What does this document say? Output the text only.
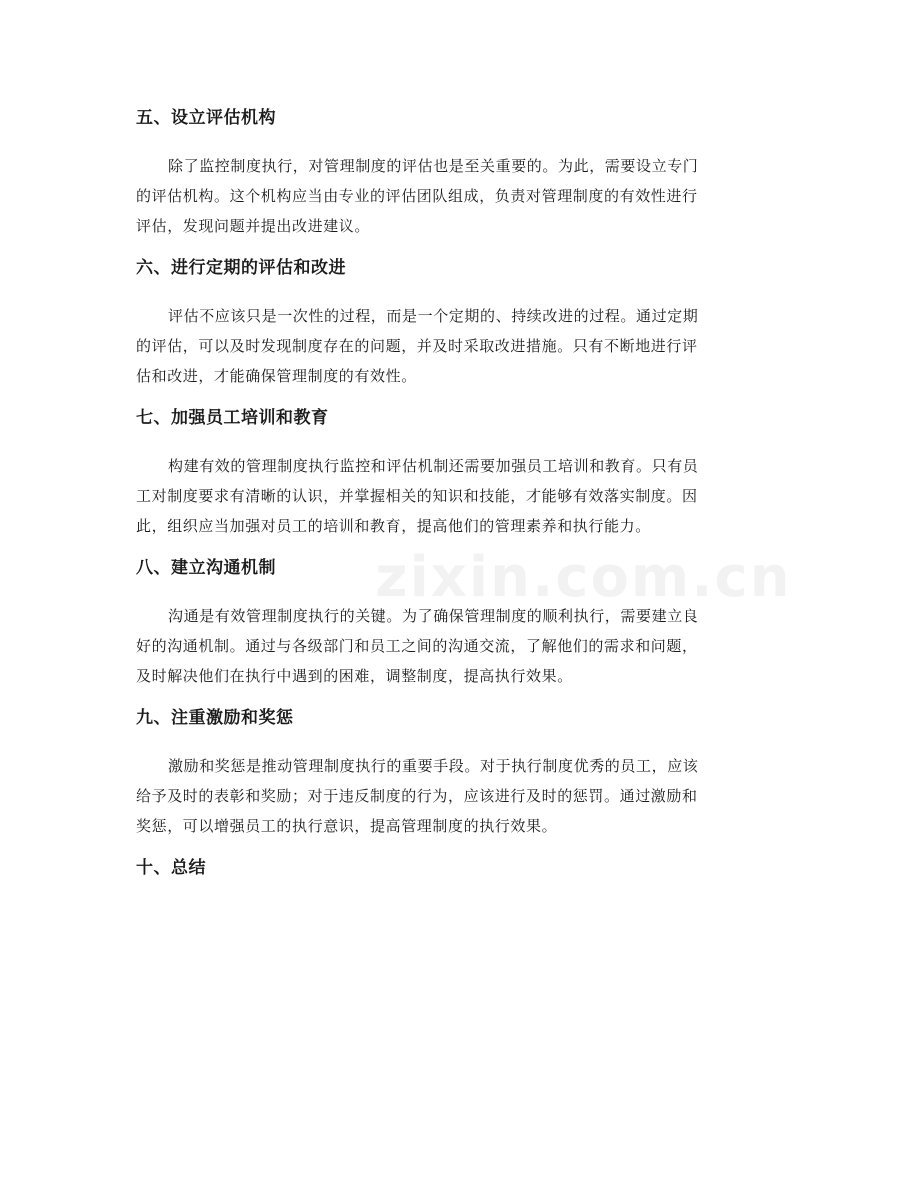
zixin.com.cn
五、设立评估机构
除了监控制度执行，对管理制度的评估也是至关重要的。为此，需要设立专门
的评估机构。这个机构应当由专业的评估团队组成，负责对管理制度的有效性进行
评估，发现问题并提出改进建议。
六、进行定期的评估和改进
评估不应该只是一次性的过程，而是一个定期的、持续改进的过程。通过定期
的评估，可以及时发现制度存在的问题，并及时采取改进措施。只有不断地进行评
估和改进，才能确保管理制度的有效性。
七、加强员工培训和教育
构建有效的管理制度执行监控和评估机制还需要加强员工培训和教育。只有员
工对制度要求有清晰的认识，并掌握相关的知识和技能，才能够有效落实制度。因
此，组织应当加强对员工的培训和教育，提高他们的管理素养和执行能力。
八、建立沟通机制
沟通是有效管理制度执行的关键。为了确保管理制度的顺利执行，需要建立良
好的沟通机制。通过与各级部门和员工之间的沟通交流，了解他们的需求和问题，
及时解决他们在执行中遇到的困难，调整制度，提高执行效果。
九、注重激励和奖惩
激励和奖惩是推动管理制度执行的重要手段。对于执行制度优秀的员工，应该
给予及时的表彰和奖励；对于违反制度的行为，应该进行及时的惩罚。通过激励和
奖惩，可以增强员工的执行意识，提高管理制度的执行效果。
十、总结
